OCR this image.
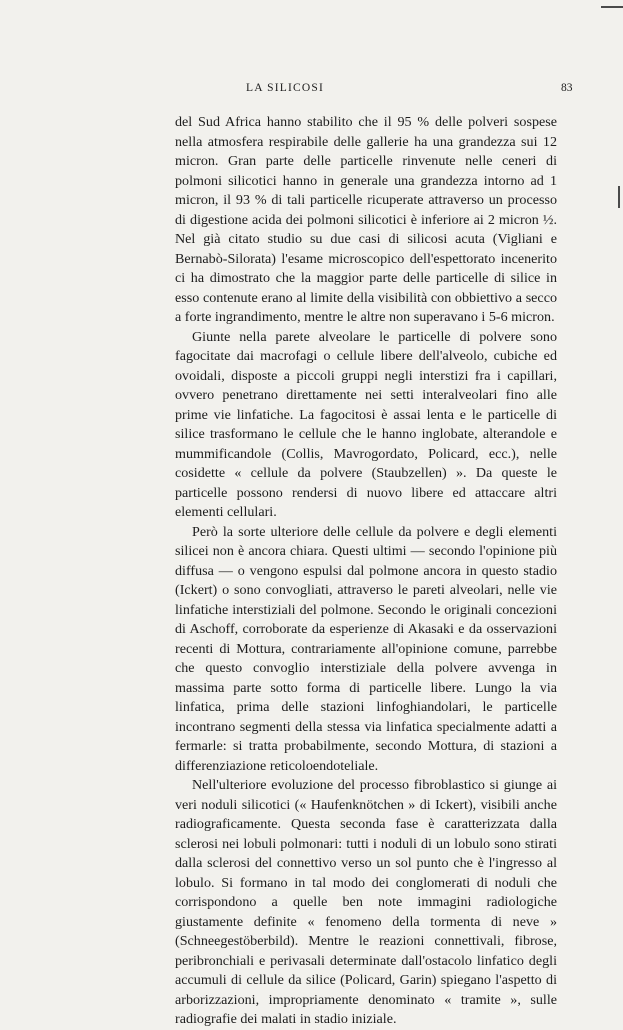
LA SILICOSI	83

del Sud Africa hanno stabilito che il 95 % delle polveri sospese nella atmosfera respirabile delle gallerie ha una grandezza sui 12 micron. Gran parte delle particelle rinvenute nelle ceneri di polmoni silicotici hanno in generale una grandezza intorno ad 1 micron, il 93 % di tali particelle ricuperate attraverso un processo di digestione acida dei polmoni silicotici è inferiore ai 2 micron ½. Nel già citato studio su due casi di silicosi acuta (Vigliani e Bernabò-Silorata) l'esame microscopico dell'espettorato incenerito ci ha dimostrato che la maggior parte delle particelle di silice in esso contenute erano al limite della visibilità con obbiettivo a secco a forte ingrandimento, mentre le altre non superavano i 5-6 micron.

Giunte nella parete alveolare le particelle di polvere sono fagocitate dai macrofagi o cellule libere dell'alveolo, cubiche ed ovoidali, disposte a piccoli gruppi negli interstizi fra i capillari, ovvero penetrano direttamente nei setti interalveolari fino alle prime vie linfatiche. La fagocitosi è assai lenta e le particelle di silice trasformano le cellule che le hanno inglobate, alterandole e mummificandole (Collis, Mavrogordato, Policard, ecc.), nelle cosidette « cellule da polvere (Staubzellen) ». Da queste le particelle possono rendersi di nuovo libere ed attaccare altri elementi cellulari.

Però la sorte ulteriore delle cellule da polvere e degli elementi silicei non è ancora chiara. Questi ultimi — secondo l'opinione più diffusa — o vengono espulsi dal polmone ancora in questo stadio (Ickert) o sono convogliati, attraverso le pareti alveolari, nelle vie linfatiche interstiziali del polmone. Secondo le originali concezioni di Aschoff, corroborate da esperienze di Akasaki e da osservazioni recenti di Mottura, contrariamente all'opinione comune, parrebbe che questo convoglio interstiziale della polvere avvenga in massima parte sotto forma di particelle libere. Lungo la via linfatica, prima delle stazioni linfoghiandolari, le particelle incontrano segmenti della stessa via linfatica specialmente adatti a fermarle: si tratta probabilmente, secondo Mottura, di stazioni a differenziazione reticoloendoteliale.

Nell'ulteriore evoluzione del processo fibroblastico si giunge ai veri noduli silicotici (« Haufenknötchen » di Ickert), visibili anche radiograficamente. Questa seconda fase è caratterizzata dalla sclerosi nei lobuli polmonari: tutti i noduli di un lobulo sono stirati dalla sclerosi del connettivo verso un sol punto che è l'ingresso al lobulo. Si formano in tal modo dei conglomerati di noduli che corrispondono a quelle ben note immagini radiologiche giustamente definite « fenomeno della tormenta di neve » (Schneegestöberbild). Mentre le reazioni connettivali, fibrose, peribronchiali e perivasali determinate dall'ostacolo linfatico degli accumuli di cellule da silice (Policard, Garin) spiegano l'aspetto di arborizzazioni, impropriamente denominato « tramite », sulle radiografie dei malati in stadio iniziale.
